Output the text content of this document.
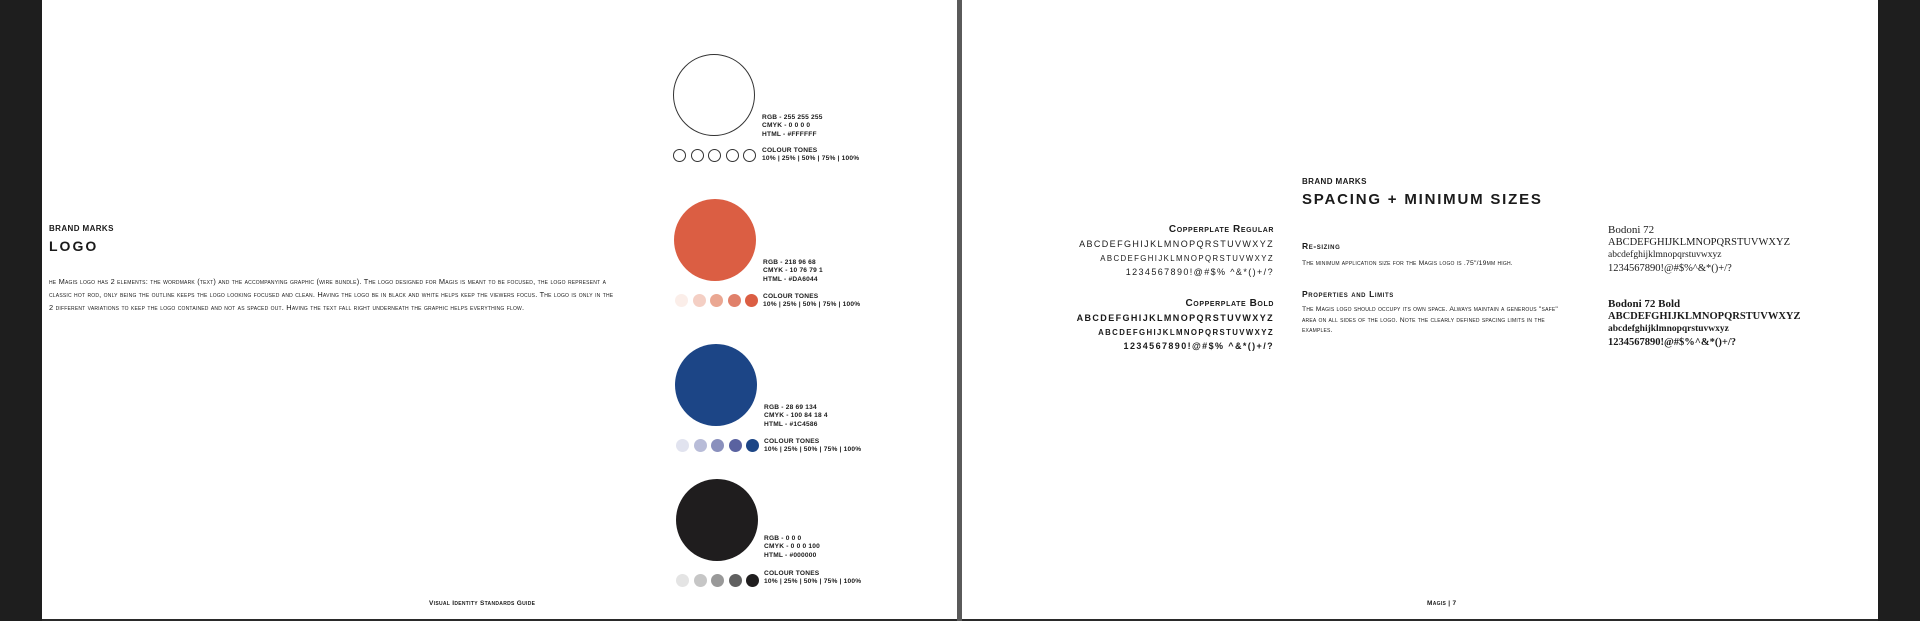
BRAND MARKS
LOGO
he Magis logo has 2 elements: the wordmark (text) and the accompanying graphic (wire bundle). The logo designed for Magis is meant to be focused, the logo represent a classic hot rod, only being the outline keeps the logo looking focused and clean. Having the logo be in black and white helps keep the viewers focus. The logo is only in the 2 different variations to keep the logo contained and not as spaced out. Having the text fall right underneath the graphic helps everything flow.
Visual Identity Standards Guide
RGB - 255 255 255
CMYK - 0 0 0 0
HTML - #FFFFFF
COLOUR TONES
10% | 25% | 50% | 75% | 100%
RGB - 218 96 68
CMYK - 10 76 79 1
HTML - #DA6044
COLOUR TONES
10% | 25% | 50% | 75% | 100%
RGB - 28 69 134
CMYK - 100 84 18 4
HTML - #1C4586
COLOUR TONES
10% | 25% | 50% | 75% | 100%
RGB - 0 0 0
CMYK - 0 0 0 100
HTML - #000000
COLOUR TONES
10% | 25% | 50% | 75% | 100%
BRAND MARKS
SPACING + MINIMUM SIZES
Re-sizing
The minimum application size for the Magis logo is .75"/19mm high.
Properties and Limits
The Magis logo should occupy its own space. Always maintain a generous "safe" area on all sides of the logo. Note the clearly defined spacing limits in the examples.
Copperplate Regular
ABCDEFGHIJKLMNOPQRSTUVWXYZ
ABCDEFGHIJKLMNOPQRSTUVWXYZ
1234567890!@#$% ^&*()+/?
Copperplate Bold
ABCDEFGHIJKLMNOPQRSTUVWXYZ
ABCDEFGHIJKLMNOPQRSTUVWXYZ
1234567890!@#$% ^&*()+/?
Bodoni 72
ABCDEFGHIJKLMNOPQRSTUVWXYZ
abcdefghijklmnopqrstuvwxyz
1234567890!@#$%^&*()+/?
Bodoni 72 Bold
ABCDEFGHIJKLMNOPQRSTUVWXYZ
abcdefghijklmnopqrstuvwxyz
1234567890!@#$%^&*()+/?
Magis | 7
